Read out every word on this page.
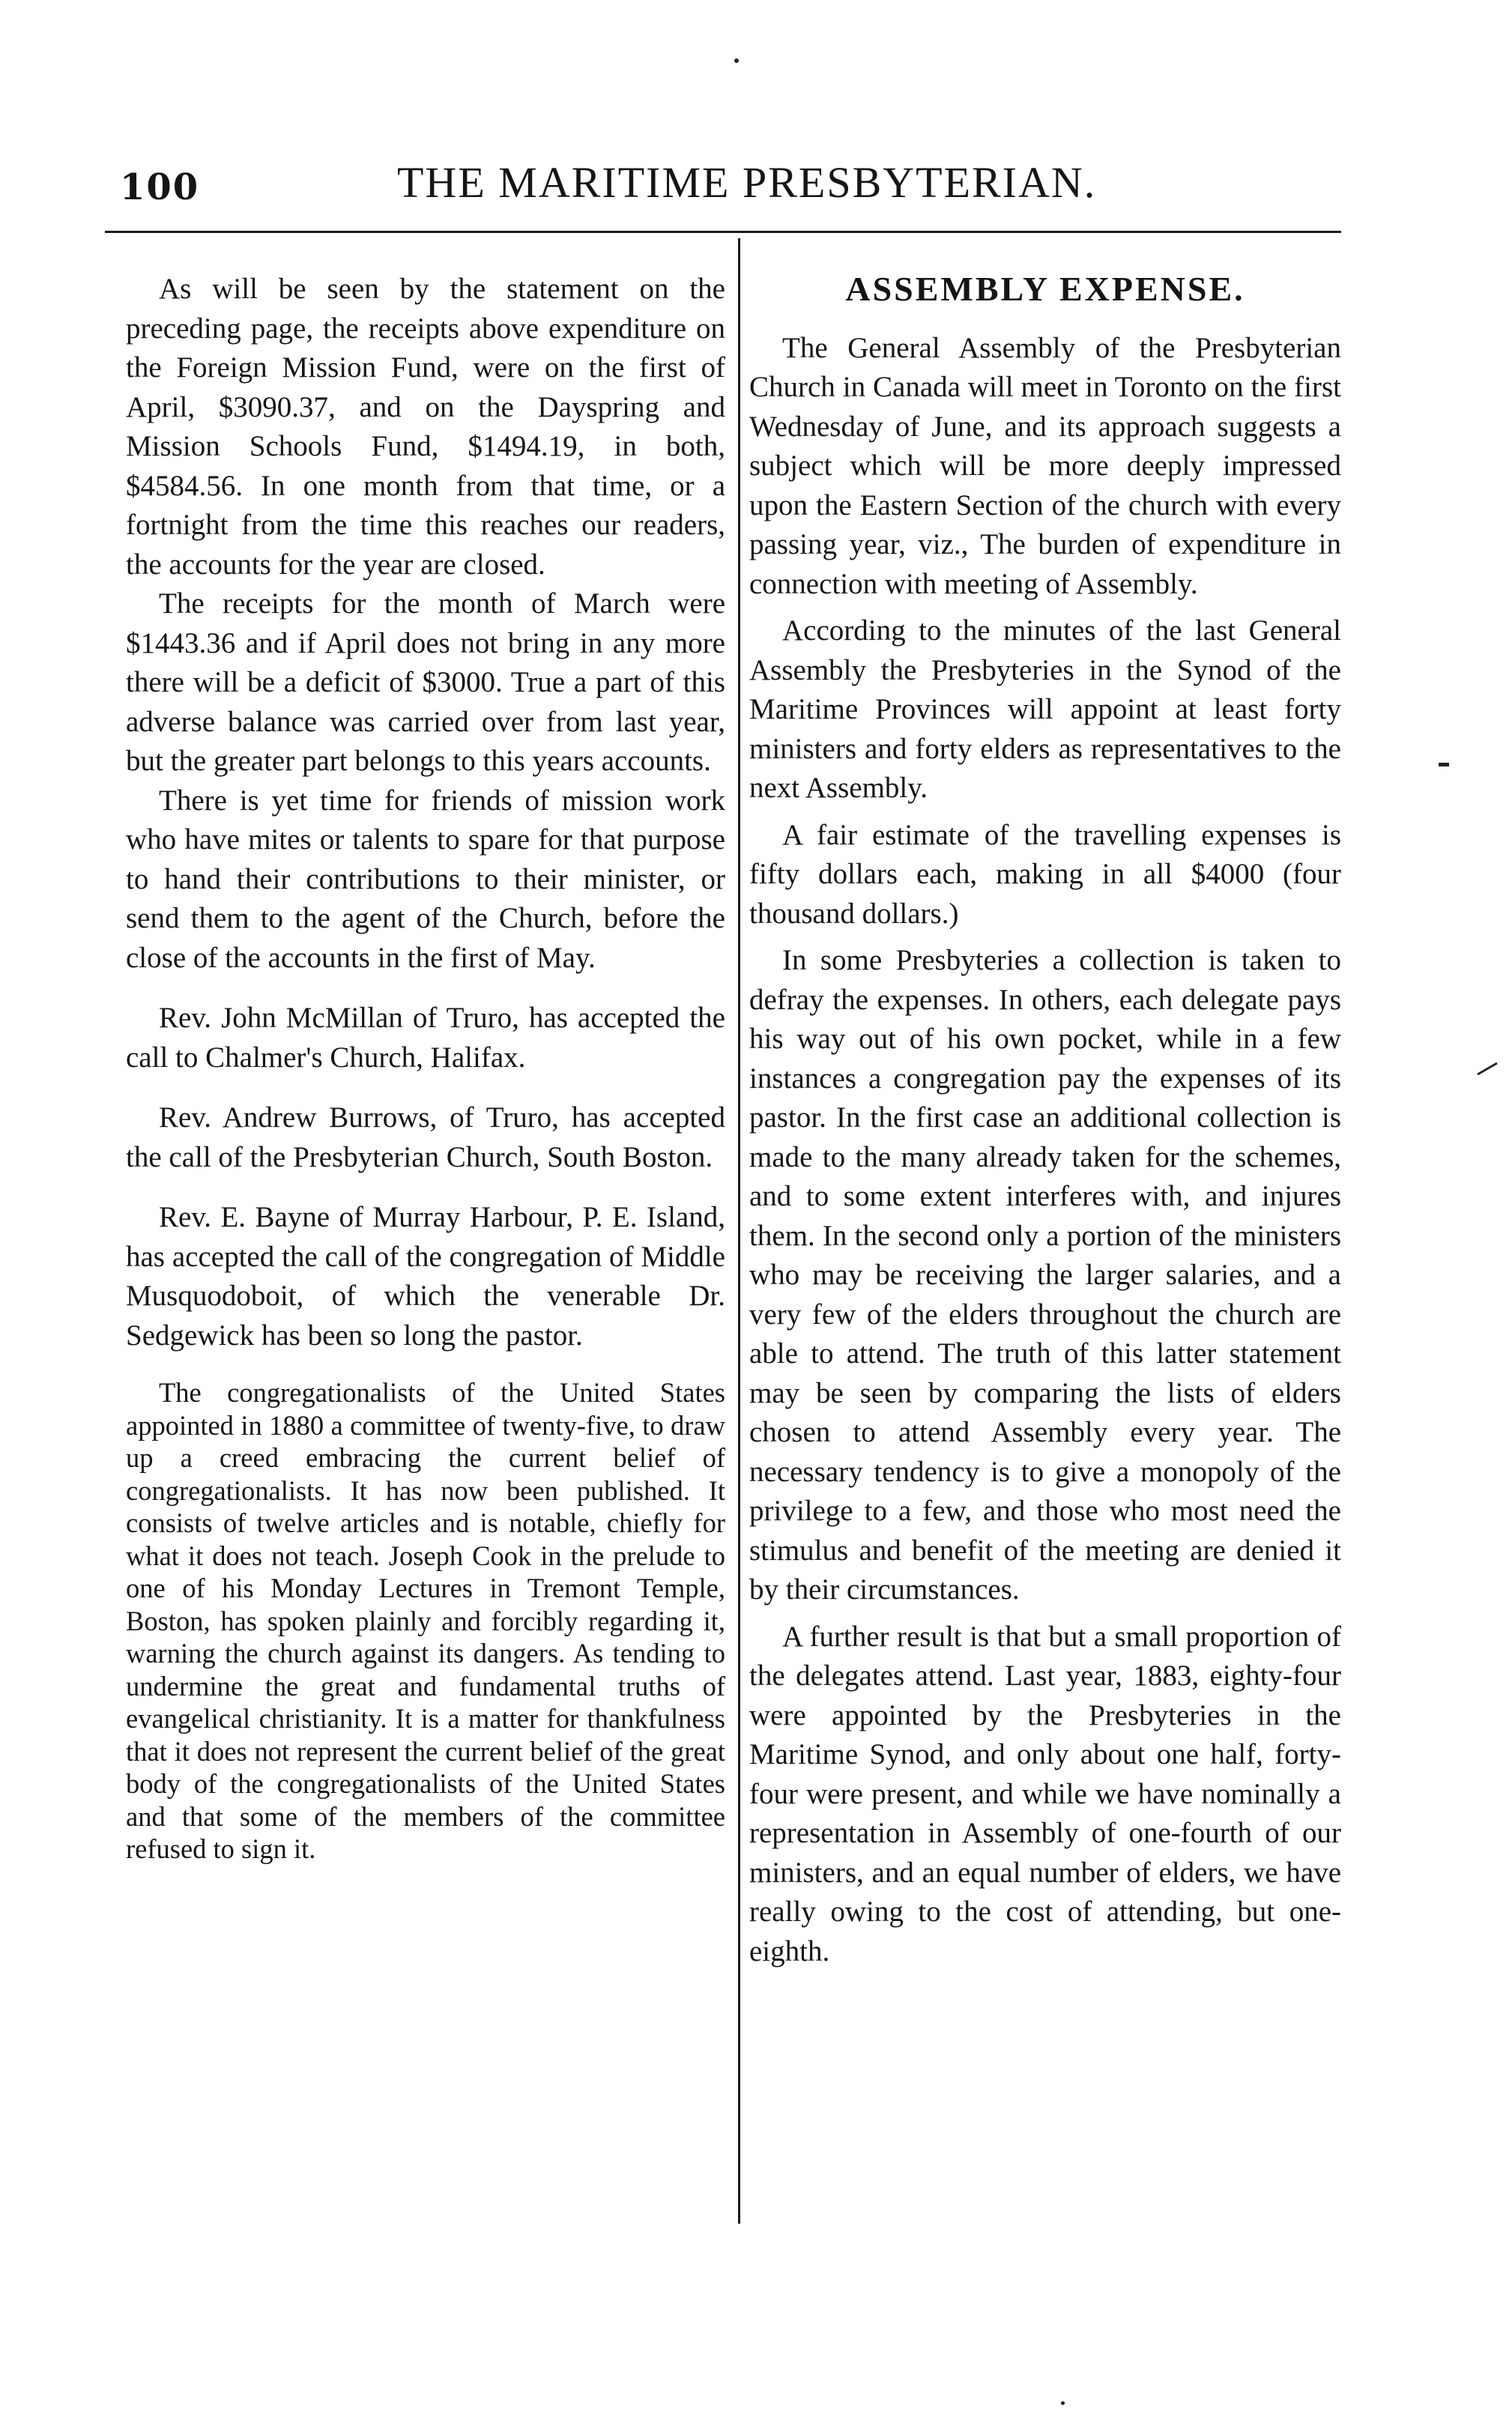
100	THE MARITIME PRESBYTERIAN.

As will be seen by the statement on the preceding page, the receipts above expenditure on the Foreign Mission Fund, were on the first of April, $3090.37, and on the Dayspring and Mission Schools Fund, $1494.19, in both, $4584.56. In one month from that time, or a fortnight from the time this reaches our readers, the accounts for the year are closed.

The receipts for the month of March were $1443.36 and if April does not bring in any more there will be a deficit of $3000. True a part of this adverse balance was carried over from last year, but the greater part belongs to this years accounts.

There is yet time for friends of mission work who have mites or talents to spare for that purpose to hand their contributions to their minister, or send them to the agent of the Church, before the close of the accounts in the first of May.

Rev. John McMillan of Truro, has accepted the call to Chalmer's Church, Halifax.

Rev. Andrew Burrows, of Truro, has accepted the call of the Presbyterian Church, South Boston.

Rev. E. Bayne of Murray Harbour, P. E. Island, has accepted the call of the congregation of Middle Musquodoboit, of which the venerable Dr. Sedgewick has been so long the pastor.

The congregationalists of the United States appointed in 1880 a committee of twenty-five, to draw up a creed embracing the current belief of congregationalists. It has now been published. It consists of twelve articles and is notable, chiefly for what it does not teach. Joseph Cook in the prelude to one of his Monday Lectures in Tremont Temple, Boston, has spoken plainly and forcibly regarding it, warning the church against its dangers. As tending to undermine the great and fundamental truths of evangelical christianity. It is a matter for thankfulness that it does not represent the current belief of the great body of the congregationalists of the United States and that some of the members of the committee refused to sign it.

ASSEMBLY EXPENSE.

The General Assembly of the Presbyterian Church in Canada will meet in Toronto on the first Wednesday of June, and its approach suggests a subject which will be more deeply impressed upon the Eastern Section of the church with every passing year, viz., The burden of expenditure in connection with meeting of Assembly.

According to the minutes of the last General Assembly the Presbyteries in the Synod of the Maritime Provinces will appoint at least forty ministers and forty elders as representatives to the next Assembly.

A fair estimate of the travelling expenses is fifty dollars each, making in all $4000 (four thousand dollars.)

In some Presbyteries a collection is taken to defray the expenses. In others, each delegate pays his way out of his own pocket, while in a few instances a congregation pay the expenses of its pastor. In the first case an additional collection is made to the many already taken for the schemes, and to some extent interferes with, and injures them. In the second only a portion of the ministers who may be receiving the larger salaries, and a very few of the elders throughout the church are able to attend. The truth of this latter statement may be seen by comparing the lists of elders chosen to attend Assembly every year. The necessary tendency is to give a monopoly of the privilege to a few, and those who most need the stimulus and benefit of the meeting are denied it by their circumstances.

A further result is that but a small proportion of the delegates attend. Last year, 1883, eighty-four were appointed by the Presbyteries in the Maritime Synod, and only about one half, forty-four were present, and while we have nominally a representation in Assembly of one-fourth of our ministers, and an equal number of elders, we have really owing to the cost of attending, but one-eighth.
